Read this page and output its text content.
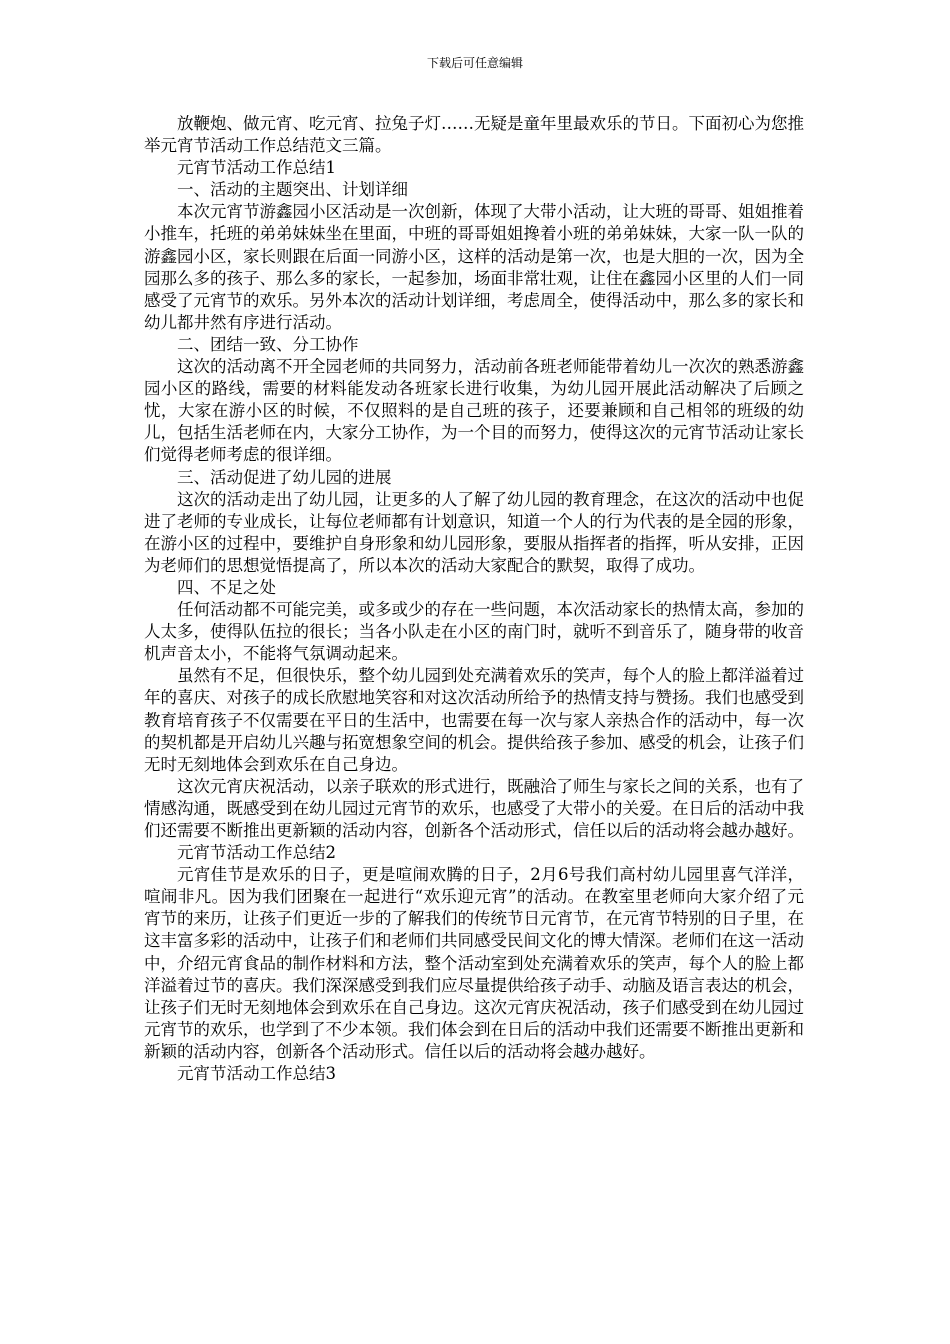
下载后可任意编辑

放鞭炮、做元宵、吃元宵、拉兔子灯……无疑是童年里最欢乐的节日。下面初心为您推举元宵节活动工作总结范文三篇。

元宵节活动工作总结1

一、活动的主题突出、计划详细

本次元宵节游鑫园小区活动是一次创新，体现了大带小活动，让大班的哥哥、姐姐推着小推车，托班的弟弟妹妹坐在里面，中班的哥哥姐姐搀着小班的弟弟妹妹，大家一队一队的游鑫园小区，家长则跟在后面一同游小区，这样的活动是第一次，也是大胆的一次，因为全园那么多的孩子、那么多的家长，一起参加，场面非常壮观，让住在鑫园小区里的人们一同感受了元宵节的欢乐。另外本次的活动计划详细，考虑周全，使得活动中，那么多的家长和幼儿都井然有序进行活动。

二、团结一致、分工协作

这次的活动离不开全园老师的共同努力，活动前各班老师能带着幼儿一次次的熟悉游鑫园小区的路线，需要的材料能发动各班家长进行收集，为幼儿园开展此活动解决了后顾之忧，大家在游小区的时候，不仅照料的是自己班的孩子，还要兼顾和自己相邻的班级的幼儿，包括生活老师在内，大家分工协作，为一个目的而努力，使得这次的元宵节活动让家长们觉得老师考虑的很详细。

三、活动促进了幼儿园的进展

这次的活动走出了幼儿园，让更多的人了解了幼儿园的教育理念，在这次的活动中也促进了老师的专业成长，让每位老师都有计划意识，知道一个人的行为代表的是全园的形象，在游小区的过程中，要维护自身形象和幼儿园形象，要服从指挥者的指挥，听从安排，正因为老师们的思想觉悟提高了，所以本次的活动大家配合的默契，取得了成功。

四、不足之处

任何活动都不可能完美，或多或少的存在一些问题，本次活动家长的热情太高，参加的人太多，使得队伍拉的很长；当各小队走在小区的南门时，就听不到音乐了，随身带的收音机声音太小，不能将气氛调动起来。

虽然有不足，但很快乐，整个幼儿园到处充满着欢乐的笑声，每个人的脸上都洋溢着过年的喜庆、对孩子的成长欣慰地笑容和对这次活动所给予的热情支持与赞扬。我们也感受到教育培育孩子不仅需要在平日的生活中，也需要在每一次与家人亲热合作的活动中，每一次的契机都是开启幼儿兴趣与拓宽想象空间的机会。提供给孩子参加、感受的机会，让孩子们无时无刻地体会到欢乐在自己身边。

这次元宵庆祝活动，以亲子联欢的形式进行，既融洽了师生与家长之间的关系，也有了情感沟通，既感受到在幼儿园过元宵节的欢乐，也感受了大带小的关爱。在日后的活动中我们还需要不断推出更新颖的活动内容，创新各个活动形式，信任以后的活动将会越办越好。

元宵节活动工作总结2

元宵佳节是欢乐的日子，更是喧闹欢腾的日子，2月6号我们高村幼儿园里喜气洋洋，喧闹非凡。因为我们团聚在一起进行“欢乐迎元宵”的活动。在教室里老师向大家介绍了元宵节的来历，让孩子们更近一步的了解我们的传统节日元宵节，在元宵节特别的日子里，在这丰富多彩的活动中，让孩子们和老师们共同感受民间文化的博大情深。老师们在这一活动中，介绍元宵食品的制作材料和方法，整个活动室到处充满着欢乐的笑声，每个人的脸上都洋溢着过节的喜庆。我们深深感受到我们应尽量提供给孩子动手、动脑及语言表达的机会，让孩子们无时无刻地体会到欢乐在自己身边。这次元宵庆祝活动，孩子们感受到在幼儿园过元宵节的欢乐，也学到了不少本领。我们体会到在日后的活动中我们还需要不断推出更新和新颖的活动内容，创新各个活动形式。信任以后的活动将会越办越好。

元宵节活动工作总结3
